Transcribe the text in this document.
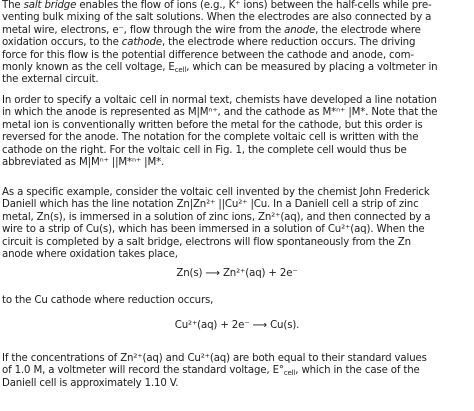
The salt bridge enables the flow of ions (e.g., K⁺ ions) between the half-cells while pre-
venting bulk mixing of the salt solutions. When the electrodes are also connected by a
metal wire, electrons, e⁻, flow through the wire from the anode, the electrode where
oxidation occurs, to the cathode, the electrode where reduction occurs. The driving
force for this flow is the potential difference between the cathode and anode, com-
monly known as the cell voltage, $E_{cell}$, which can be measured by placing a voltmeter in
the external circuit.

In order to specify a voltaic cell in normal text, chemists have developed a line notation
in which the anode is represented as M|Mⁿ⁺, and the cathode as M*ⁿ⁺ |M*. Note that the
metal ion is conventionally written before the metal for the cathode, but this order is
reversed for the anode. The notation for the complete voltaic cell is written with the
cathode on the right. For the voltaic cell in Fig. 1, the complete cell would thus be
abbreviated as M|Mⁿ⁺ ||M*ⁿ⁺ |M*.

As a specific example, consider the voltaic cell invented by the chemist John Frederick
Daniell which has the line notation Zn|Zn²⁺ ||Cu²⁺ |Cu. In a Daniell cell a strip of zinc
metal, Zn(s), is immersed in a solution of zinc ions, Zn²⁺(aq), and then connected by a
wire to a strip of Cu(s), which has been immersed in a solution of Cu²⁺(aq). When the
circuit is completed by a salt bridge, electrons will flow spontaneously from the Zn
anode where oxidation takes place,

Zn(s) ⟶ Zn²⁺(aq) + 2e⁻

to the Cu cathode where reduction occurs,

Cu²⁺(aq) + 2e⁻ ⟶ Cu(s).

If the concentrations of Zn²⁺(aq) and Cu²⁺(aq) are both equal to their standard values
of 1.0 M, a voltmeter will record the standard voltage, $E^\circ_{cell}$, which in the case of the
Daniell cell is approximately 1.10 V.
